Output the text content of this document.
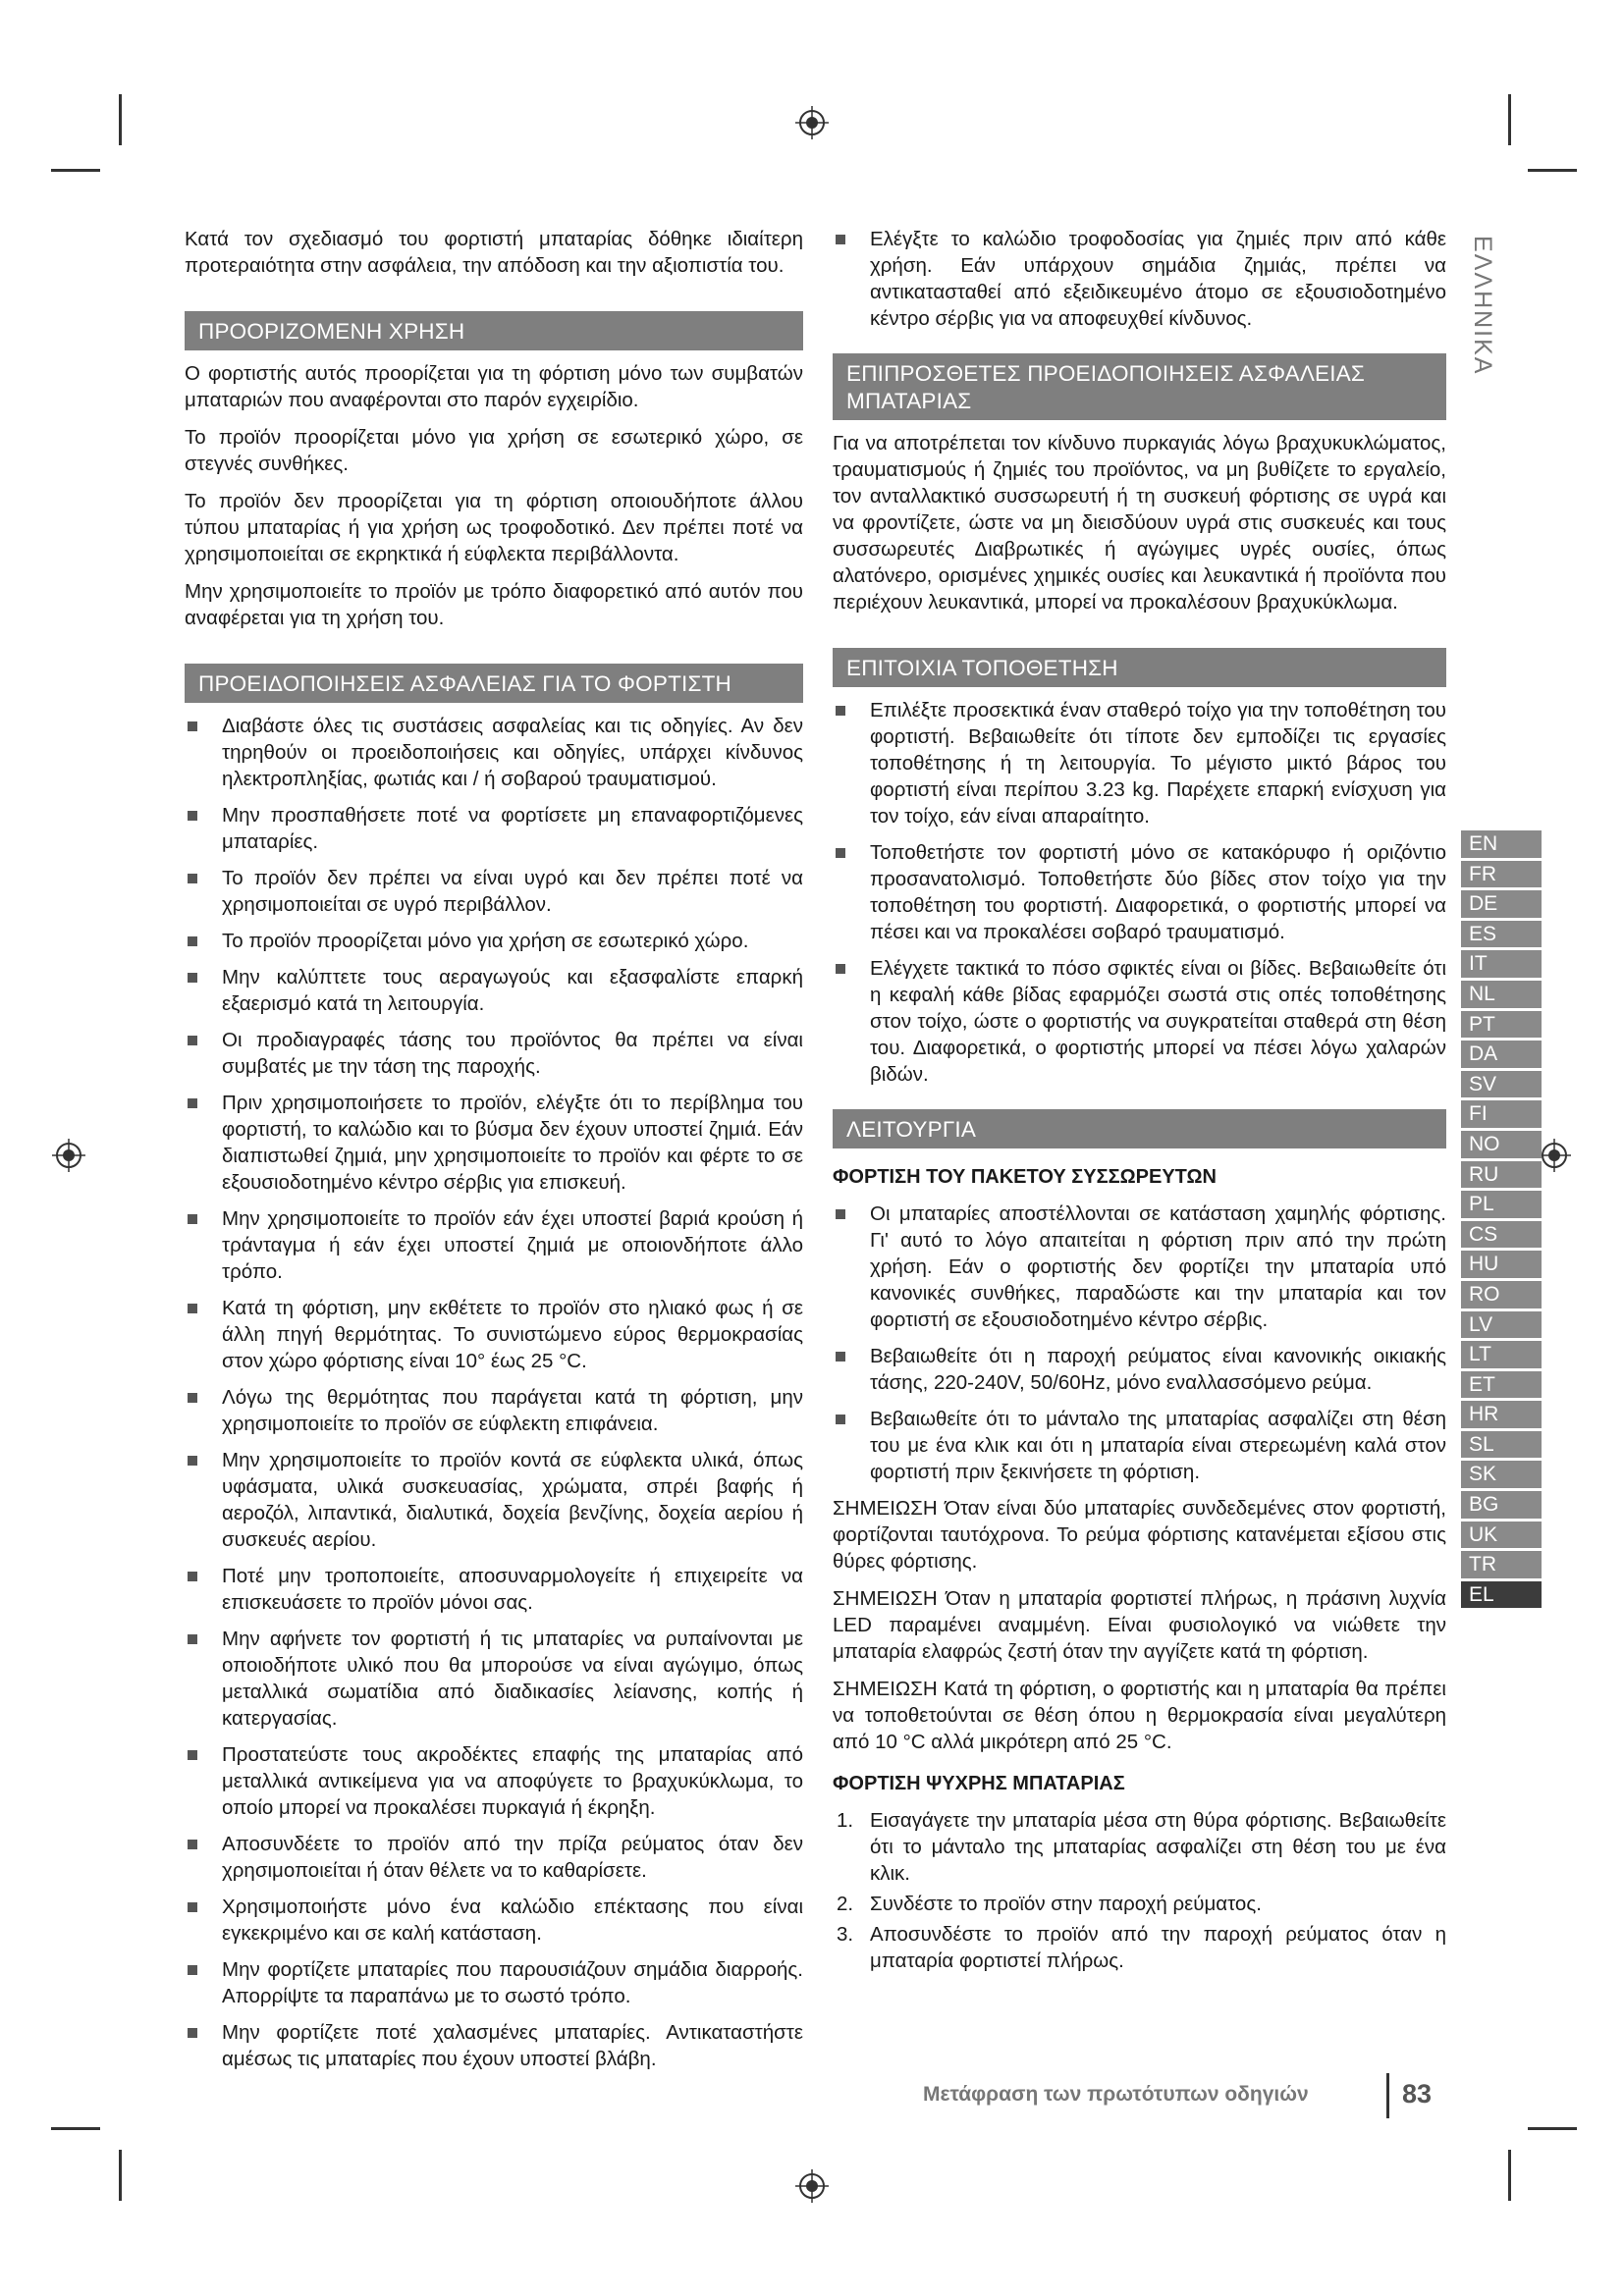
ΕΛΛΗΝΙΚΑ

Κατά τον σχεδιασμό του φορτιστή μπαταρίας δόθηκε ιδιαίτερη προτεραιότητα στην ασφάλεια, την απόδοση και την αξιοπιστία του.

ΠΡΟΟΡΙΖΟΜΕΝΗ ΧΡΗΣΗ

Ο φορτιστής αυτός προορίζεται για τη φόρτιση μόνο των συμβατών μπαταριών που αναφέρονται στο παρόν εγχειρίδιο.

Το προϊόν προορίζεται μόνο για χρήση σε εσωτερικό χώρο, σε στεγνές συνθήκες.

Το προϊόν δεν προορίζεται για τη φόρτιση οποιουδήποτε άλλου τύπου μπαταρίας ή για χρήση ως τροφοδοτικό. Δεν πρέπει ποτέ να χρησιμοποιείται σε εκρηκτικά ή εύφλεκτα περιβάλλοντα.

Μην χρησιμοποιείτε το προϊόν με τρόπο διαφορετικό από αυτόν που αναφέρεται για τη χρήση του.

ΠΡΟΕΙΔΟΠΟΙΗΣΕΙΣ ΑΣΦΑΛΕΙΑΣ ΓΙΑ ΤΟ ΦΟΡΤΙΣΤΗ
Διαβάστε όλες τις συστάσεις ασφαλείας και τις οδηγίες. Αν δεν τηρηθούν οι προειδοποιήσεις και οδηγίες, υπάρχει κίνδυνος ηλεκτροπληξίας, φωτιάς και / ή σοβαρού τραυματισμού.
Μην προσπαθήσετε ποτέ να φορτίσετε μη επαναφορτιζόμενες μπαταρίες.
Το προϊόν δεν πρέπει να είναι υγρό και δεν πρέπει ποτέ να χρησιμοποιείται σε υγρό περιβάλλον.
Το προϊόν προορίζεται μόνο για χρήση σε εσωτερικό χώρο.
Μην καλύπτετε τους αεραγωγούς και εξασφαλίστε επαρκή εξαερισμό κατά τη λειτουργία.
Οι προδιαγραφές τάσης του προϊόντος θα πρέπει να είναι συμβατές με την τάση της παροχής.
Πριν χρησιμοποιήσετε το προϊόν, ελέγξτε ότι το περίβλημα του φορτιστή, το καλώδιο και το βύσμα δεν έχουν υποστεί ζημιά. Εάν διαπιστωθεί ζημιά, μην χρησιμοποιείτε το προϊόν και φέρτε το σε εξουσιοδοτημένο κέντρο σέρβις για επισκευή.
Μην χρησιμοποιείτε το προϊόν εάν έχει υποστεί βαριά κρούση ή τράνταγμα ή εάν έχει υποστεί ζημιά με οποιονδήποτε άλλο τρόπο.
Κατά τη φόρτιση, μην εκθέτετε το προϊόν στο ηλιακό φως ή σε άλλη πηγή θερμότητας. Το συνιστώμενο εύρος θερμοκρασίας στον χώρο φόρτισης είναι 10° έως 25 °C.
Λόγω της θερμότητας που παράγεται κατά τη φόρτιση, μην χρησιμοποιείτε το προϊόν σε εύφλεκτη επιφάνεια.
Μην χρησιμοποιείτε το προϊόν κοντά σε εύφλεκτα υλικά, όπως υφάσματα, υλικά συσκευασίας, χρώματα, σπρέι βαφής ή αεροζόλ, λιπαντικά, διαλυτικά, δοχεία βενζίνης, δοχεία αερίου ή συσκευές αερίου.
Ποτέ μην τροποποιείτε, αποσυναρμολογείτε ή επιχειρείτε να επισκευάσετε το προϊόν μόνοι σας.
Μην αφήνετε τον φορτιστή ή τις μπαταρίες να ρυπαίνονται με οποιοδήποτε υλικό που θα μπορούσε να είναι αγώγιμο, όπως μεταλλικά σωματίδια από διαδικασίες λείανσης, κοπής ή κατεργασίας.
Προστατεύστε τους ακροδέκτες επαφής της μπαταρίας από μεταλλικά αντικείμενα για να αποφύγετε το βραχυκύκλωμα, το οποίο μπορεί να προκαλέσει πυρκαγιά ή έκρηξη.
Αποσυνδέετε το προϊόν από την πρίζα ρεύματος όταν δεν χρησιμοποιείται ή όταν θέλετε να το καθαρίσετε.
Χρησιμοποιήστε μόνο ένα καλώδιο επέκτασης που είναι εγκεκριμένο και σε καλή κατάσταση.
Μην φορτίζετε μπαταρίες που παρουσιάζουν σημάδια διαρροής. Απορρίψτε τα παραπάνω με το σωστό τρόπο.
Μην φορτίζετε ποτέ χαλασμένες μπαταρίες. Αντικαταστήστε αμέσως τις μπαταρίες που έχουν υποστεί βλάβη.
Ελέγξτε το καλώδιο τροφοδοσίας για ζημιές πριν από κάθε χρήση. Εάν υπάρχουν σημάδια ζημιάς, πρέπει να αντικατασταθεί από εξειδικευμένο άτομο σε εξουσιοδοτημένο κέντρο σέρβις για να αποφευχθεί κίνδυνος.
ΕΠΙΠΡΟΣΘΕΤΕΣ ΠΡΟΕΙΔΟΠΟΙΗΣΕΙΣ ΑΣΦΑΛΕΙΑΣ
ΜΠΑΤΑΡΙΑΣ

Για να αποτρέπεται τον κίνδυνο πυρκαγιάς λόγω βραχυκυκλώματος, τραυματισμούς ή ζημιές του προϊόντος, να μη βυθίζετε το εργαλείο, τον ανταλλακτικό συσσωρευτή ή τη συσκευή φόρτισης σε υγρά και να φροντίζετε, ώστε να μη διεισδύουν υγρά στις συσκευές και τους συσσωρευτές Διαβρωτικές ή αγώγιμες υγρές ουσίες, όπως αλατόνερο, ορισμένες χημικές ουσίες και λευκαντικά ή προϊόντα που περιέχουν λευκαντικά, μπορεί να προκαλέσουν βραχυκύκλωμα.

ΕΠΙΤΟΙΧΙΑ ΤΟΠΟΘΕΤΗΣΗ
Επιλέξτε προσεκτικά έναν σταθερό τοίχο για την τοποθέτηση του φορτιστή. Βεβαιωθείτε ότι τίποτε δεν εμποδίζει τις εργασίες τοποθέτησης ή τη λειτουργία. Το μέγιστο μικτό βάρος του φορτιστή είναι περίπου 3.23 kg. Παρέχετε επαρκή ενίσχυση για τον τοίχο, εάν είναι απαραίτητο.
Τοποθετήστε τον φορτιστή μόνο σε κατακόρυφο ή οριζόντιο προσανατολισμό. Τοποθετήστε δύο βίδες στον τοίχο για την τοποθέτηση του φορτιστή. Διαφορετικά, ο φορτιστής μπορεί να πέσει και να προκαλέσει σοβαρό τραυματισμό.
Ελέγχετε τακτικά το πόσο σφικτές είναι οι βίδες. Βεβαιωθείτε ότι η κεφαλή κάθε βίδας εφαρμόζει σωστά στις οπές τοποθέτησης στον τοίχο, ώστε ο φορτιστής να συγκρατείται σταθερά στη θέση του. Διαφορετικά, ο φορτιστής μπορεί να πέσει λόγω χαλαρών βιδών.
ΛΕΙΤΟΥΡΓΙΑ
ΦΟΡΤΙΣΗ ΤΟΥ ΠΑΚΕΤΟΥ ΣΥΣΣΩΡΕΥΤΩΝ
Οι μπαταρίες αποστέλλονται σε κατάσταση χαμηλής φόρτισης. Γι' αυτό το λόγο απαιτείται η φόρτιση πριν από την πρώτη χρήση. Εάν ο φορτιστής δεν φορτίζει την μπαταρία υπό κανονικές συνθήκες, παραδώστε και την μπαταρία και τον φορτιστή σε εξουσιοδοτημένο κέντρο σέρβις.
Βεβαιωθείτε ότι η παροχή ρεύματος είναι κανονικής οικιακής τάσης, 220-240V, 50/60Hz, μόνο εναλλασσόμενο ρεύμα.
Βεβαιωθείτε ότι το μάνταλο της μπαταρίας ασφαλίζει στη θέση του με ένα κλικ και ότι η μπαταρία είναι στερεωμένη καλά στον φορτιστή πριν ξεκινήσετε τη φόρτιση.

ΣΗΜΕΙΩΣΗ Όταν είναι δύο μπαταρίες συνδεδεμένες στον φορτιστή, φορτίζονται ταυτόχρονα. Το ρεύμα φόρτισης κατανέμεται εξίσου στις θύρες φόρτισης.

ΣΗΜΕΙΩΣΗ Όταν η μπαταρία φορτιστεί πλήρως, η πράσινη λυχνία LED παραμένει αναμμένη. Είναι φυσιολογικό να νιώθετε την μπαταρία ελαφρώς ζεστή όταν την αγγίζετε κατά τη φόρτιση.

ΣΗΜΕΙΩΣΗ Κατά τη φόρτιση, ο φορτιστής και η μπαταρία θα πρέπει να τοποθετούνται σε θέση όπου η θερμοκρασία είναι μεγαλύτερη από 10 °C αλλά μικρότερη από 25 °C.

ΦΟΡΤΙΣΗ ΨΥΧΡΗΣ ΜΠΑΤΑΡΙΑΣ
1. Εισαγάγετε την μπαταρία μέσα στη θύρα φόρτισης. Βεβαιωθείτε ότι το μάνταλο της μπαταρίας ασφαλίζει στη θέση του με ένα κλικ.
2. Συνδέστε το προϊόν στην παροχή ρεύματος.
3. Αποσυνδέστε το προϊόν από την παροχή ρεύματος όταν η μπαταρία φορτιστεί πλήρως.
EN
FR
DE
ES
IT
NL
PT
DA
SV
FI
NO
RU
PL
CS
HU
RO
LV
LT
ET
HR
SL
SK
BG
UK
TR
EL
Μετάφραση των πρωτότυπων οδηγιών	83
